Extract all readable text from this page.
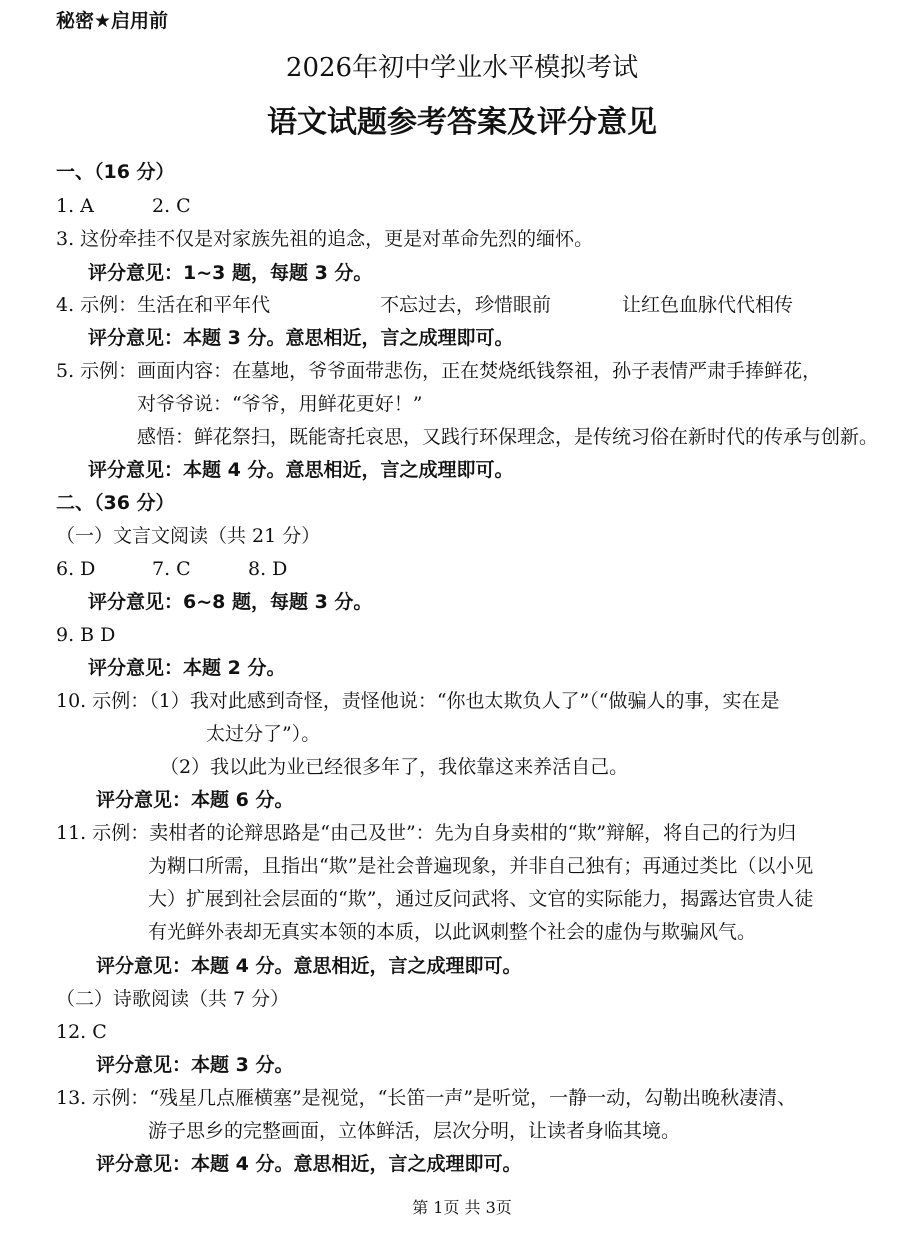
秘密★启用前
2026年初中学业水平模拟考试
语文试题参考答案及评分意见
一、（16 分）
1. A	2. C
3. 这份牵挂不仅是对家族先祖的追念，更是对革命先烈的缅怀。
评分意见：1~3 题，每题 3 分。
4. 示例：生活在和平年代	不忘过去，珍惜眼前	让红色血脉代代相传
评分意见：本题 3 分。意思相近，言之成理即可。
5. 示例：画面内容：在墓地，爷爷面带悲伤，正在焚烧纸钱祭祖，孙子表情严肃手捧鲜花，
对爷爷说：“爷爷，用鲜花更好！”
感悟：鲜花祭扫，既能寄托哀思，又践行环保理念，是传统习俗在新时代的传承与创新。
评分意见：本题 4 分。意思相近，言之成理即可。
二、（36 分）
（一）文言文阅读（共 21 分）
6. D	7. C	8. D
评分意见：6~8 题，每题 3 分。
9. B D
评分意见：本题 2 分。
10. 示例：（1）我对此感到奇怪，责怪他说：“你也太欺负人了”（“做骗人的事，实在是
太过分了”）。
（2）我以此为业已经很多年了，我依靠这来养活自己。
评分意见：本题 6 分。
11. 示例：卖柑者的论辩思路是“由己及世”：先为自身卖柑的“欺”辩解，将自己的行为归
为糊口所需，且指出“欺”是社会普遍现象，并非自己独有；再通过类比（以小见
大）扩展到社会层面的“欺”，通过反问武将、文官的实际能力，揭露达官贵人徒
有光鲜外表却无真实本领的本质，以此讽刺整个社会的虚伪与欺骗风气。
评分意见：本题 4 分。意思相近，言之成理即可。
（二）诗歌阅读（共 7 分）
12. C
评分意见：本题 3 分。
13. 示例：“残星几点雁横塞”是视觉，“长笛一声”是听觉，一静一动，勾勒出晚秋凄清、
游子思乡的完整画面，立体鲜活，层次分明，让读者身临其境。
评分意见：本题 4 分。意思相近，言之成理即可。
第 1页 共 3页
